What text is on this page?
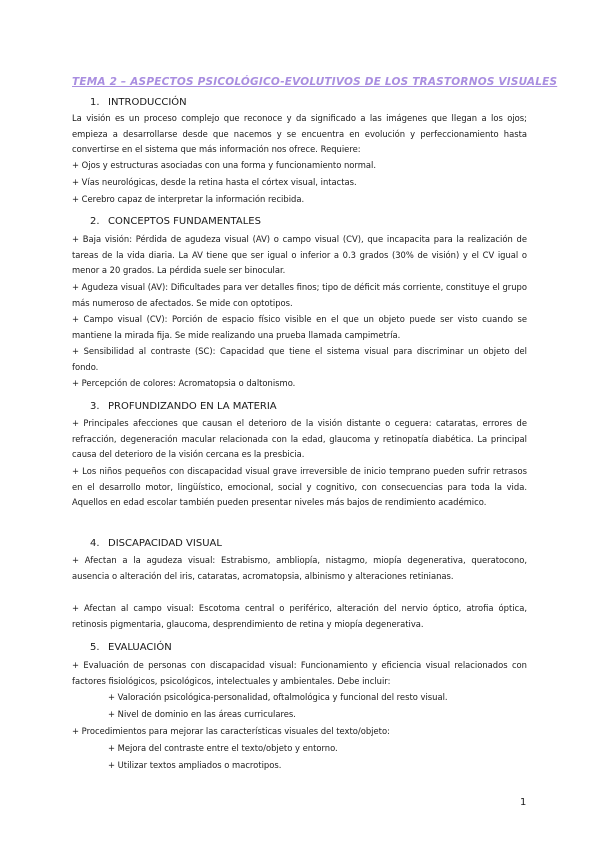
TEMA 2 – ASPECTOS PSICOLÓGICO-EVOLUTIVOS DE LOS TRASTORNOS VISUALES
1. INTRODUCCIÓN
La visión es un proceso complejo que reconoce y da significado a las imágenes que llegan a los ojos; empieza a desarrollarse desde que nacemos y se encuentra en evolución y perfeccionamiento hasta convertirse en el sistema que más información nos ofrece. Requiere:
+ Ojos y estructuras asociadas con una forma y funcionamiento normal.
+ Vías neurológicas, desde la retina hasta el córtex visual, intactas.
+ Cerebro capaz de interpretar la información recibida.
2. CONCEPTOS FUNDAMENTALES
+ Baja visión: Pérdida de agudeza visual (AV) o campo visual (CV), que incapacita para la realización de tareas de la vida diaria. La AV tiene que ser igual o inferior a 0.3 grados (30% de visión) y el CV igual o menor a 20 grados. La pérdida suele ser binocular.
+ Agudeza visual (AV): Dificultades para ver detalles finos; tipo de déficit más corriente, constituye el grupo más numeroso de afectados. Se mide con optotipos.
+ Campo visual (CV): Porción de espacio físico visible en el que un objeto puede ser visto cuando se mantiene la mirada fija. Se mide realizando una prueba llamada campimetría.
+ Sensibilidad al contraste (SC): Capacidad que tiene el sistema visual para discriminar un objeto del fondo.
+ Percepción de colores: Acromatopsia o daltonismo.
3. PROFUNDIZANDO EN LA MATERIA
+ Principales afecciones que causan el deterioro de la visión distante o ceguera: cataratas, errores de refracción, degeneración macular relacionada con la edad, glaucoma y retinopatía diabética. La principal causa del deterioro de la visión cercana es la presbicia.
+ Los niños pequeños con discapacidad visual grave irreversible de inicio temprano pueden sufrir retrasos en el desarrollo motor, lingüístico, emocional, social y cognitivo, con consecuencias para toda la vida. Aquellos en edad escolar también pueden presentar niveles más bajos de rendimiento académico.
4. DISCAPACIDAD VISUAL
+ Afectan a la agudeza visual: Estrabismo, ambliopía, nistagmo, miopía degenerativa, queratocono, ausencia o alteración del iris, cataratas, acromatopsia, albinismo y alteraciones retinianas.
+ Afectan al campo visual: Escotoma central o periférico, alteración del nervio óptico, atrofia óptica, retinosis pigmentaria, glaucoma, desprendimiento de retina y miopía degenerativa.
5. EVALUACIÓN
+ Evaluación de personas con discapacidad visual: Funcionamiento y eficiencia visual relacionados con factores fisiológicos, psicológicos, intelectuales y ambientales. Debe incluir:
+ Valoración psicológica-personalidad, oftalmológica y funcional del resto visual.
+ Nivel de dominio en las áreas curriculares.
+ Procedimientos para mejorar las características visuales del texto/objeto:
+ Mejora del contraste entre el texto/objeto y entorno.
+ Utilizar textos ampliados o macrotipos.
1
